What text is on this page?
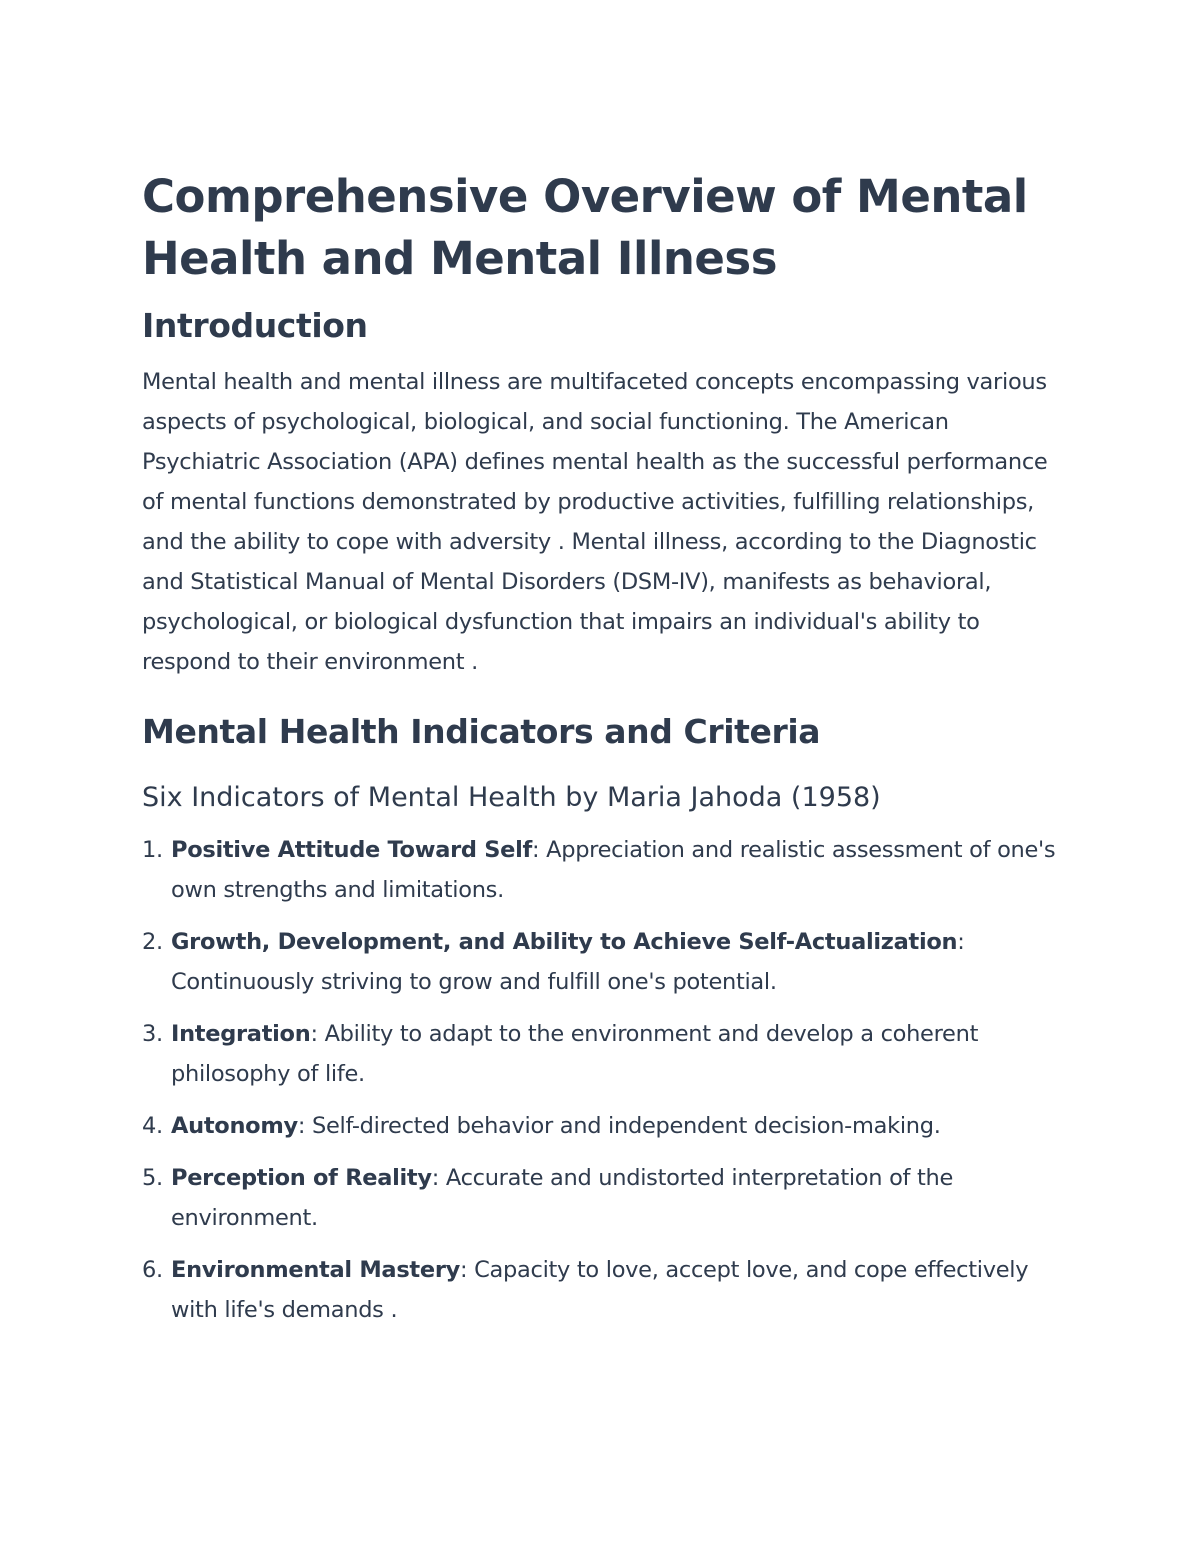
Comprehensive Overview of Mental Health and Mental Illness
Introduction

Mental health and mental illness are multifaceted concepts encompassing various aspects of psychological, biological, and social functioning. The American Psychiatric Association (APA) defines mental health as the successful performance of mental functions demonstrated by productive activities, fulfilling relationships, and the ability to cope with adversity . Mental illness, according to the Diagnostic and Statistical Manual of Mental Disorders (DSM-IV), manifests as behavioral, psychological, or biological dysfunction that impairs an individual's ability to respond to their environment .

Mental Health Indicators and Criteria
Six Indicators of Mental Health by Maria Jahoda (1958)
1. Positive Attitude Toward Self: Appreciation and realistic assessment of one's own strengths and limitations.
2. Growth, Development, and Ability to Achieve Self-Actualization: Continuously striving to grow and fulfill one's potential.
3. Integration: Ability to adapt to the environment and develop a coherent philosophy of life.
4. Autonomy: Self-directed behavior and independent decision-making.
5. Perception of Reality: Accurate and undistorted interpretation of the environment.
6. Environmental Mastery: Capacity to love, accept love, and cope effectively with life's demands .
